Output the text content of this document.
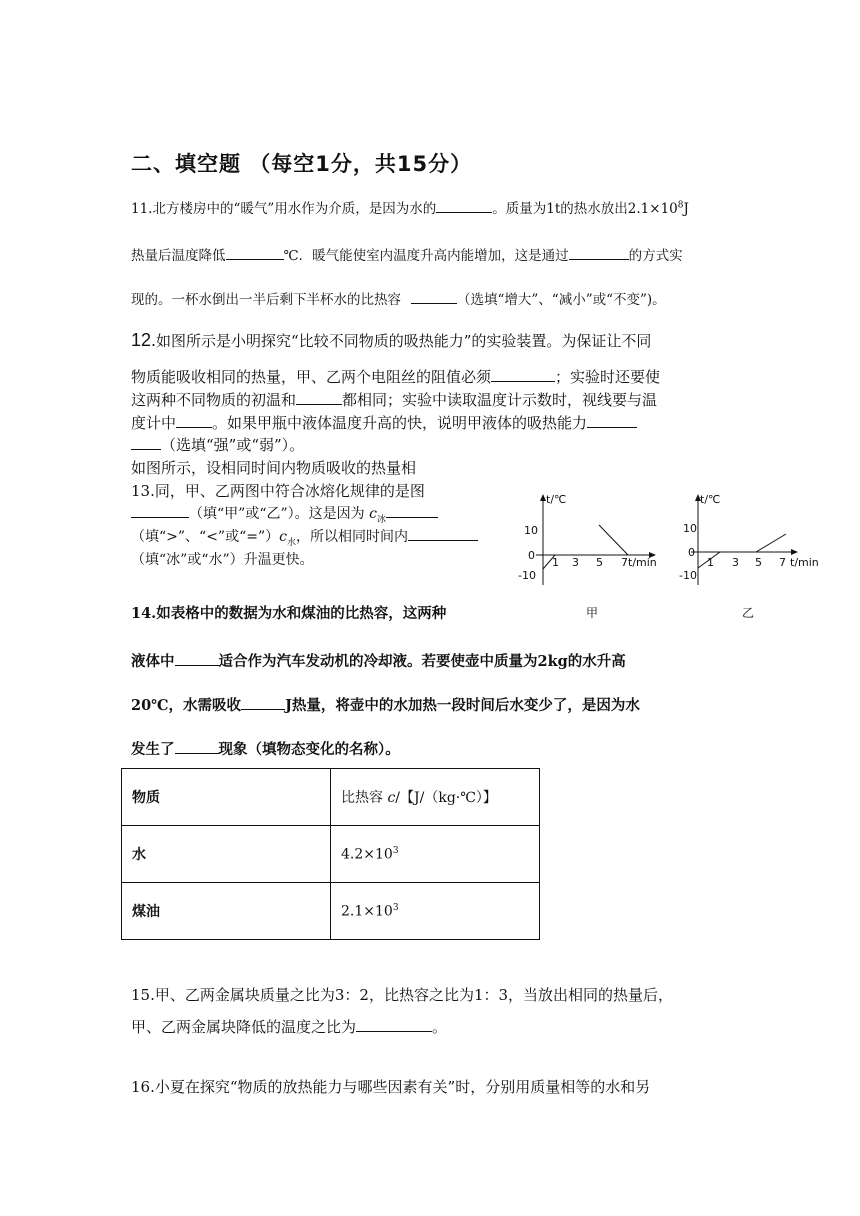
二、填空题 （每空1分，共15分）
11.北方楼房中的“暖气”用水作为介质，是因为水的	。质量为1t的热水放出$2.1\times 10^8J$
热量后温度降低	℃．暖气能使室内温度升高内能增加，这是通过	的方式实
现的。一杯水倒出一半后剩下半杯水的比热容	（选填“增大”、“减小”或“不变”)。
12.如图所示是小明探究“比较不同物质的吸热能力”的实验装置。为保证让不同
物质能吸收相同的热量，甲、乙两个电阻丝的阻值必须	；实验时还要使
这两种不同物质的初温和	都相同；实验中读取温度计示数时，视线要与温
度计中 。如果甲瓶中液体温度升高的快，说明甲液体的吸热能力
（选填“强”或“弱”）。
如图所示，设相同时间内物质吸收的热量相
13.同，甲、乙两图中符合冰熔化规律的是图
（填“甲”或“乙”）。这是因为 $c_冰$
（填“>”、“<”或“$=”)c_水$，所以相同时间内
（填“冰”或“水”）升温更快。
t/℃
10
0
-10
1 3 5 7 t/min
甲
t/℃
10
0
-10
1 3 5 7 t/min
乙
14.如表格中的数据为水和煤油的比热容，这两种
液体中	适合作为汽车发动机的冷却液。若要使壶中质量为2kg的水升高
20℃，水需吸收	J热量，将壶中的水加热一段时间后水变少了，是因为水
发生了	现象（填物态变化的名称）。
物质	比热容 c/【J/（kg·℃）】
水	$4.2\times 10^3$
煤油	$2.1\times 10^3$
15.甲、乙两金属块质量之比为3：2，比热容之比为1：3，当放出相同的热量后，
甲、乙两金属块降低的温度之比为	。
16.小夏在探究“物质的放热能力与哪些因素有关”时，分别用质量相等的水和另
